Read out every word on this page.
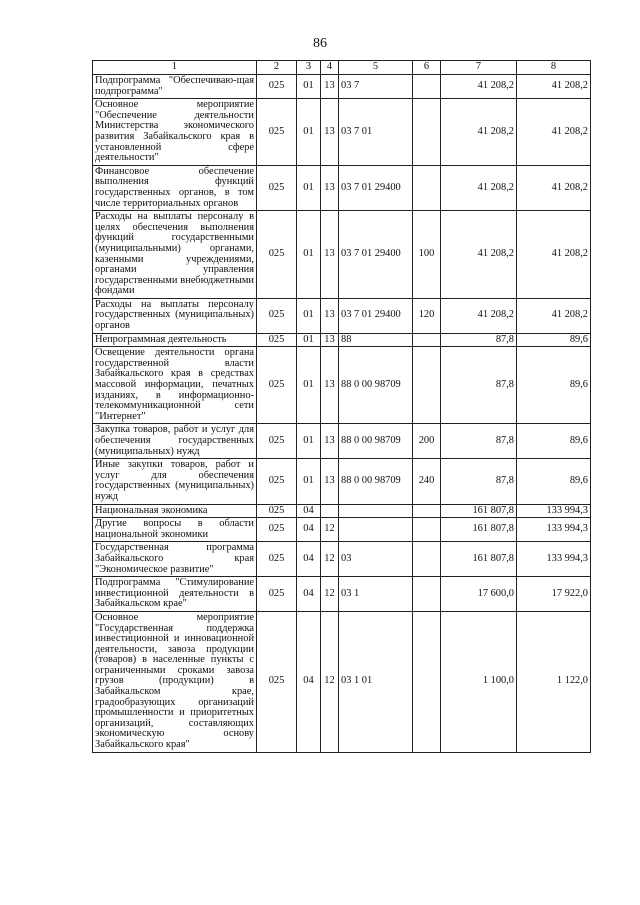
86
1	2	3	4	5	6	7	8
Подпрограмма "Обеспечиваю-щая подпрограмма"	025	01	13	03 7		41 208,2	41 208,2
Основное мероприятие "Обеспечение деятельности Министерства экономического развития Забайкальского края в установленной сфере деятельности"	025	01	13	03 7 01		41 208,2	41 208,2
Финансовое обеспечение выполнения функций государственных органов, в том числе территориальных органов	025	01	13	03 7 01 29400		41 208,2	41 208,2
Расходы на выплаты персоналу в целях обеспечения выполнения функций государственными (муниципальными) органами, казенными учреждениями, органами управления государственными внебюджетными фондами	025	01	13	03 7 01 29400	100	41 208,2	41 208,2
Расходы на выплаты персоналу государственных (муниципальных) органов	025	01	13	03 7 01 29400	120	41 208,2	41 208,2
Непрограммная деятельность	025	01	13	88		87,8	89,6
Освещение деятельности органа государственной власти Забайкальского края в средствах массовой информации, печатных изданиях, в информационно-телекоммуникационной сети "Интернет"	025	01	13	88 0 00 98709		87,8	89,6
Закупка товаров, работ и услуг для обеспечения государственных (муниципальных) нужд	025	01	13	88 0 00 98709	200	87,8	89,6
Иные закупки товаров, работ и услуг для обеспечения государственных (муниципальных) нужд	025	01	13	88 0 00 98709	240	87,8	89,6
Национальная экономика	025	04				161 807,8	133 994,3
Другие вопросы в области национальной экономики	025	04	12			161 807,8	133 994,3
Государственная программа Забайкальского края "Экономическое развитие"	025	04	12	03		161 807,8	133 994,3
Подпрограмма "Стимулирование инвестиционной деятельности в Забайкальском крае"	025	04	12	03 1		17 600,0	17 922,0
Основное мероприятие "Государственная поддержка инвестиционной и инновационной деятельности, завоза продукции (товаров) в населенные пункты с ограниченными сроками завоза грузов (продукции) в Забайкальском крае, градообразующих организаций промышленности и приоритетных организаций, составляющих экономическую основу Забайкальского края"	025	04	12	03 1 01		1 100,0	1 122,0
